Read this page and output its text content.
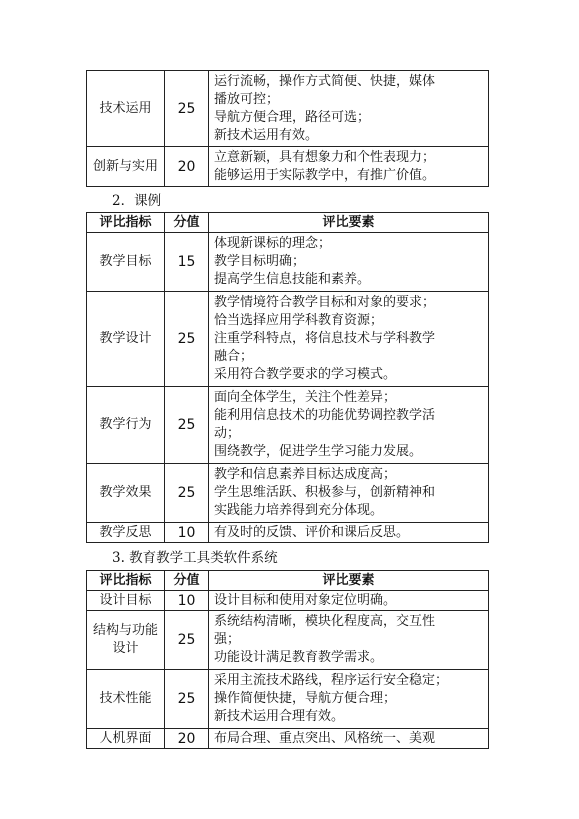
技术运用	25	运行流畅，操作方式简便、快捷，媒体
播放可控；
导航方便合理，路径可选；
新技术运用有效。

创新与实用	20	立意新颖，具有想象力和个性表现力；
能够运用于实际教学中，有推广价值。
2．课例
评比指标	分值	评比要素
教学目标	15	体现新课标的理念；
教学目标明确；
提高学生信息技能和素养。

教学设计	25	教学情境符合教学目标和对象的要求；
恰当选择应用学科教育资源；
注重学科特点，将信息技术与学科教学
融合；
采用符合教学要求的学习模式。

教学行为	25	面向全体学生，关注个性差异；
能利用信息技术的功能优势调控教学活
动；
围绕教学，促进学生学习能力发展。

教学效果	25	教学和信息素养目标达成度高；
学生思维活跃、积极参与，创新精神和
实践能力培养得到充分体现。

教学反思	10	有及时的反馈、评价和课后反思。
3. 教育教学工具类软件系统
评比指标	分值	评比要素
设计目标	10	设计目标和使用对象定位明确。

结构与功能设计	25	系统结构清晰，模块化程度高，交互性
强；
功能设计满足教育教学需求。

技术性能	25	采用主流技术路线，程序运行安全稳定；
操作简便快捷，导航方便合理；
新技术运用合理有效。

人机界面	20	布局合理、重点突出、风格统一、美观
